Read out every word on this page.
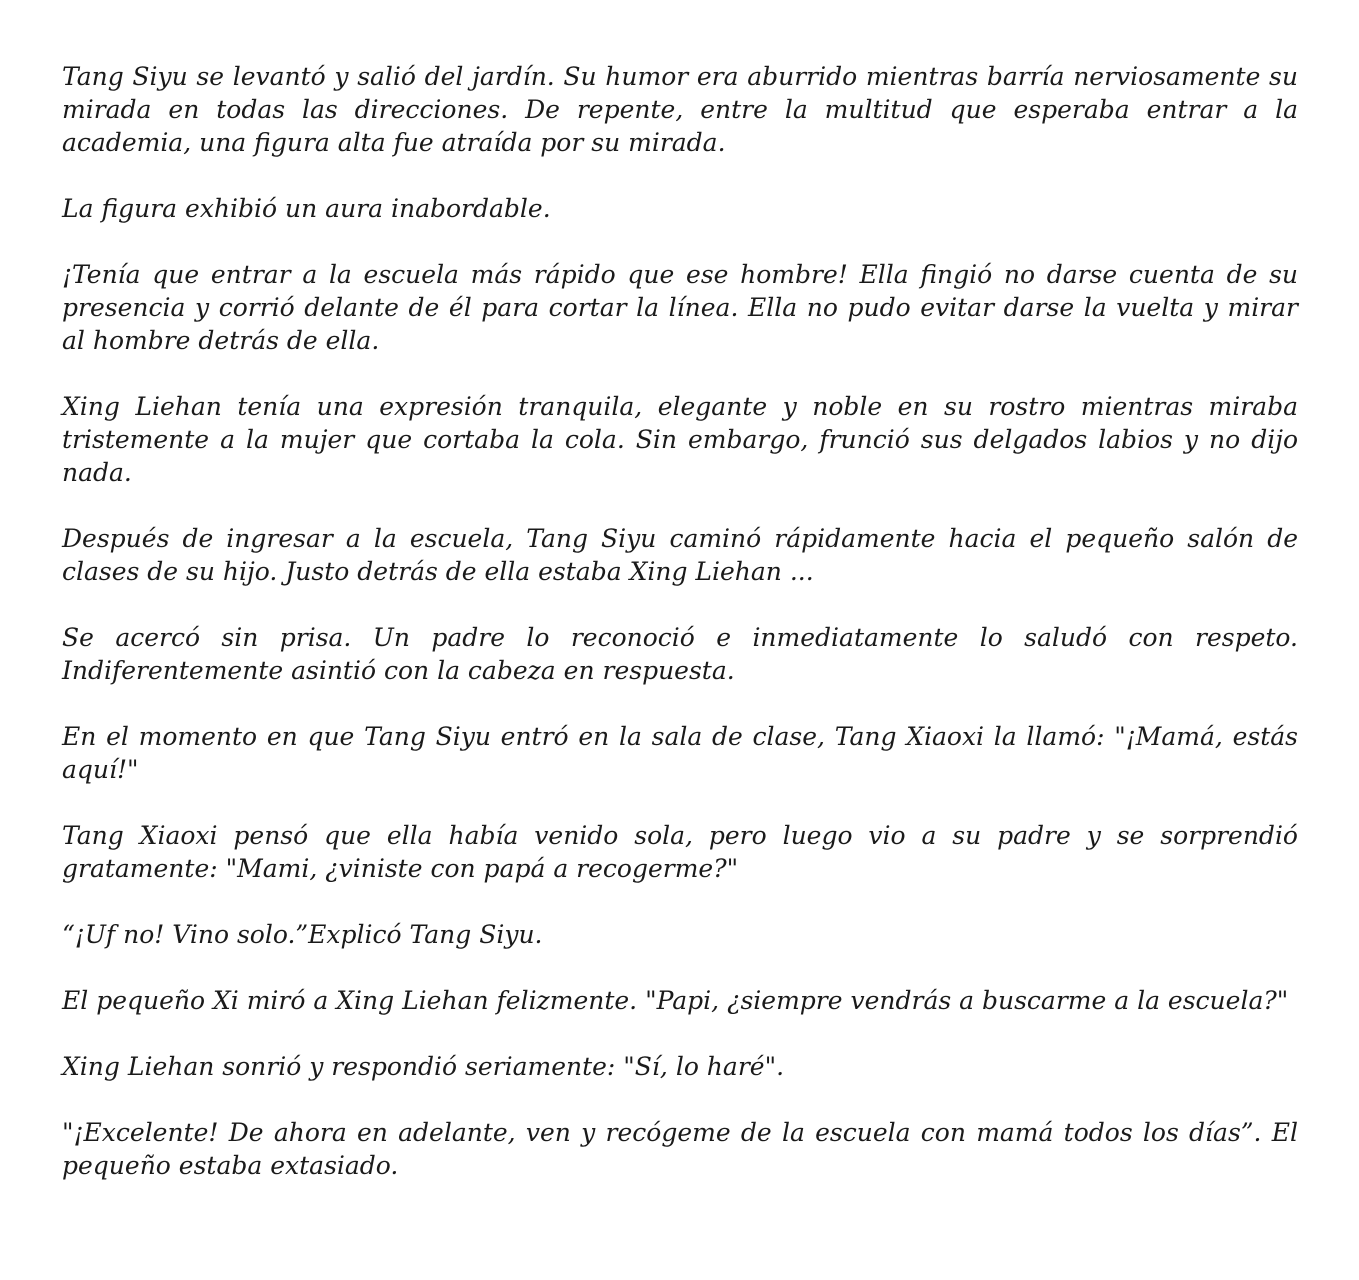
Tang Siyu se levantó y salió del jardín. Su humor era aburrido mientras barría nerviosamente su mirada en todas las direcciones. De repente, entre la multitud que esperaba entrar a la academia, una figura alta fue atraída por su mirada.

La figura exhibió un aura inabordable.

¡Tenía que entrar a la escuela más rápido que ese hombre! Ella fingió no darse cuenta de su presencia y corrió delante de él para cortar la línea. Ella no pudo evitar darse la vuelta y mirar al hombre detrás de ella.

Xing Liehan tenía una expresión tranquila, elegante y noble en su rostro mientras miraba tristemente a la mujer que cortaba la cola. Sin embargo, frunció sus delgados labios y no dijo nada.

Después de ingresar a la escuela, Tang Siyu caminó rápidamente hacia el pequeño salón de clases de su hijo. Justo detrás de ella estaba Xing Liehan ...

Se acercó sin prisa. Un padre lo reconoció e inmediatamente lo saludó con respeto. Indiferentemente asintió con la cabeza en respuesta.

En el momento en que Tang Siyu entró en la sala de clase, Tang Xiaoxi la llamó: "¡Mamá, estás aquí!"

Tang Xiaoxi pensó que ella había venido sola, pero luego vio a su padre y se sorprendió gratamente: "Mami, ¿viniste con papá a recogerme?"

“¡Uf no! Vino solo.”Explicó Tang Siyu.

El pequeño Xi miró a Xing Liehan felizmente. "Papi, ¿siempre vendrás a buscarme a la escuela?"

Xing Liehan sonrió y respondió seriamente: "Sí, lo haré".

"¡Excelente! De ahora en adelante, ven y recógeme de la escuela con mamá todos los días”. El pequeño estaba extasiado.
